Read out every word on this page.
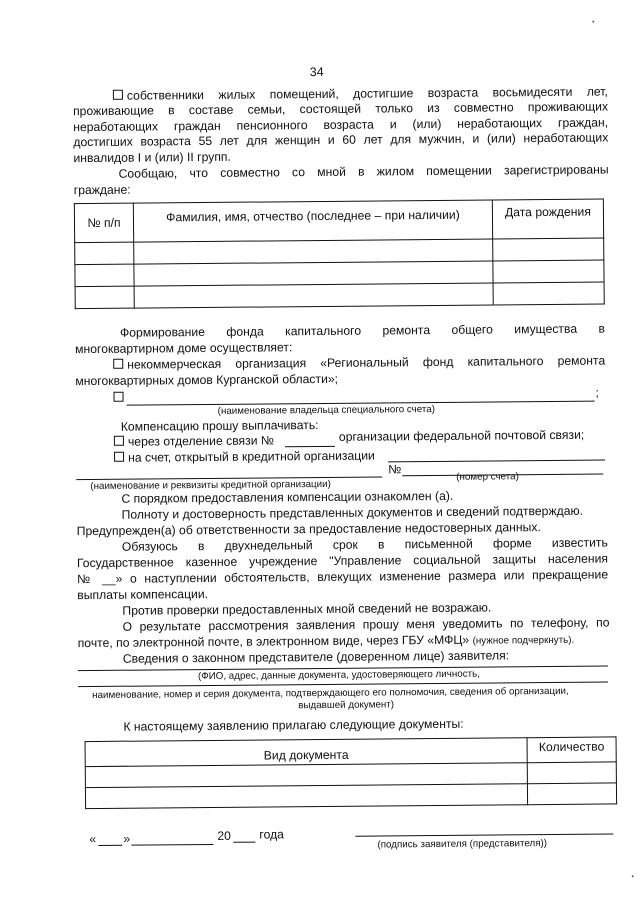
34
собственники жилых помещений, достигшие возраста восьмидесяти лет,
проживающие в составе семьи, состоящей только из совместно проживающих
неработающих граждан пенсионного возраста и (или) неработающих граждан,
достигших возраста 55 лет для женщин и 60 лет для мужчин, и (или) неработающих
инвалидов I и (или) II групп.
Сообщаю, что совместно со мной в жилом помещении зарегистрированы
граждане:
№ п/п	Фамилия, имя, отчество (последнее – при наличии)	Дата рождения

Формирование фонда капитального ремонта общего имущества в
многоквартирном доме осуществляет:
некоммерческая организация «Региональный фонд капитального ремонта
многоквартирных домов Курганской области»;
;
(наименование владельца специального счета)
Компенсацию прошу выплачивать:
через отделение связи №	организации федеральной почтовой связи;
на счет, открытый в кредитной организации
№
(наименование и реквизиты кредитной организации)
(номер счета)
С порядком предоставления компенсации ознакомлен (а).
Полноту и достоверность представленных документов и сведений подтверждаю.
Предупрежден(а) об ответственности за предоставление недостоверных данных.
Обязуюсь в двухнедельный срок в письменной форме известить
Государственное казенное учреждение "Управление социальной защиты населения
№ __» о наступлении обстоятельств, влекущих изменение размера или прекращение
выплаты компенсации.
Против проверки предоставленных мной сведений не возражаю.
О результате рассмотрения заявления прошу меня уведомить по телефону, по
почте, по электронной почте, в электронном виде, через ГБУ «МФЦ» (нужное подчеркнуть).
Сведения о законном представителе (доверенном лице) заявителя:
(ФИО, адрес, данные документа, удостоверяющего личность,
наименование, номер и серия документа, подтверждающего его полномочия, сведения об организации,
выдавшей документ)
К настоящему заявлению прилагаю следующие документы:
Вид документа	Количество

« »	20 года
(подпись заявителя (представителя))
